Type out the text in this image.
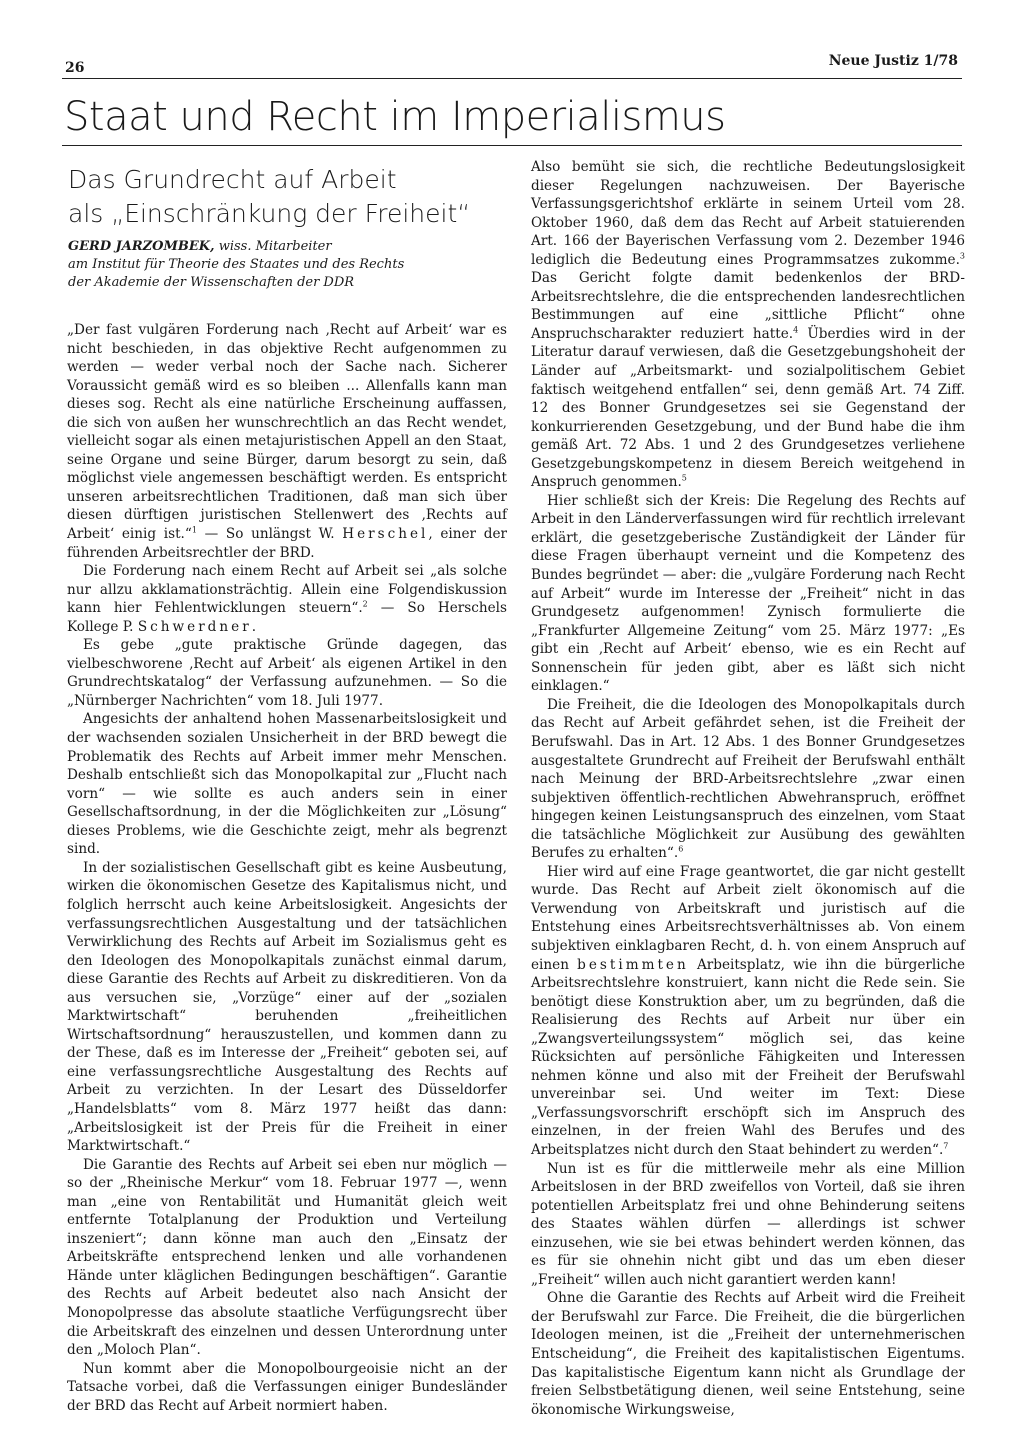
26	Neue Justiz 1/78
Staat und Recht im Imperialismus
Das Grundrecht auf Arbeit
als „Einschränkung der Freiheit“
GERD JARZOMBEK, wiss. Mitarbeiter
am Institut für Theorie des Staates und des Rechts
der Akademie der Wissenschaften der DDR

„Der fast vulgären Forderung nach ‚Recht auf Arbeit‘ war es nicht beschieden, in das objektive Recht aufgenommen zu werden — weder verbal noch der Sache nach. Sicherer Voraussicht gemäß wird es so bleiben ... Allenfalls kann man dieses sog. Recht als eine natürliche Erscheinung auffassen, die sich von außen her wunschrechtlich an das Recht wendet, vielleicht sogar als einen metajuristischen Appell an den Staat, seine Organe und seine Bürger, darum besorgt zu sein, daß möglichst viele angemessen beschäftigt werden. Es entspricht unseren arbeitsrechtlichen Traditionen, daß man sich über diesen dürftigen juristischen Stellenwert des ‚Rechts auf Arbeit‘ einig ist.“$^1$ — So unlängst W. Herschel, einer der führenden Arbeitsrechtler der BRD.

Die Forderung nach einem Recht auf Arbeit sei „als solche nur allzu akklamationsträchtig. Allein eine Folgendiskussion kann hier Fehlentwicklungen steuern“.$^2$ — So Herschels Kollege P. Schwerdner.

Es gebe „gute praktische Gründe dagegen, das vielbeschworene ‚Recht auf Arbeit‘ als eigenen Artikel in den Grundrechtskatalog“ der Verfassung aufzunehmen. — So die „Nürnberger Nachrichten“ vom 18. Juli 1977.

Angesichts der anhaltend hohen Massenarbeitslosigkeit und der wachsenden sozialen Unsicherheit in der BRD bewegt die Problematik des Rechts auf Arbeit immer mehr Menschen. Deshalb entschließt sich das Monopolkapital zur „Flucht nach vorn“ — wie sollte es auch anders sein in einer Gesellschaftsordnung, in der die Möglichkeiten zur „Lösung“ dieses Problems, wie die Geschichte zeigt, mehr als begrenzt sind.

In der sozialistischen Gesellschaft gibt es keine Ausbeutung, wirken die ökonomischen Gesetze des Kapitalismus nicht, und folglich herrscht auch keine Arbeitslosigkeit. Angesichts der verfassungsrechtlichen Ausgestaltung und der tatsächlichen Verwirklichung des Rechts auf Arbeit im Sozialismus geht es den Ideologen des Monopolkapitals zunächst einmal darum, diese Garantie des Rechts auf Arbeit zu diskreditieren. Von da aus versuchen sie, „Vorzüge“ einer auf der „sozialen Marktwirtschaft“ beruhenden „freiheitlichen Wirtschaftsordnung“ herauszustellen, und kommen dann zu der These, daß es im Interesse der „Freiheit“ geboten sei, auf eine verfassungsrechtliche Ausgestaltung des Rechts auf Arbeit zu verzichten. In der Lesart des Düsseldorfer „Handelsblatts“ vom 8. März 1977 heißt das dann: „Arbeitslosigkeit ist der Preis für die Freiheit in einer Marktwirtschaft.“

Die Garantie des Rechts auf Arbeit sei eben nur möglich — so der „Rheinische Merkur“ vom 18. Februar 1977 —, wenn man „eine von Rentabilität und Humanität gleich weit entfernte Totalplanung der Produktion und Verteilung inszeniert“; dann könne man auch den „Einsatz der Arbeitskräfte entsprechend lenken und alle vorhandenen Hände unter kläglichen Bedingungen beschäftigen“. Garantie des Rechts auf Arbeit bedeutet also nach Ansicht der Monopolpresse das absolute staatliche Verfügungsrecht über die Arbeitskraft des einzelnen und dessen Unterordnung unter den „Moloch Plan“.

Nun kommt aber die Monopolbourgeoisie nicht an der Tatsache vorbei, daß die Verfassungen einiger Bundesländer der BRD das Recht auf Arbeit normiert haben.

Also bemüht sie sich, die rechtliche Bedeutungslosigkeit dieser Regelungen nachzuweisen. Der Bayerische Verfassungsgerichtshof erklärte in seinem Urteil vom 28. Oktober 1960, daß dem das Recht auf Arbeit statuierenden Art. 166 der Bayerischen Verfassung vom 2. Dezember 1946 lediglich die Bedeutung eines Programmsatzes zukomme.$^3$ Das Gericht folgte damit bedenkenlos der BRD-Arbeitsrechtslehre, die die entsprechenden landesrechtlichen Bestimmungen auf eine „sittliche Pflicht“ ohne Anspruchscharakter reduziert hatte.$^4$ Überdies wird in der Literatur darauf verwiesen, daß die Gesetzgebungshoheit der Länder auf „Arbeitsmarkt- und sozialpolitischem Gebiet faktisch weitgehend entfallen“ sei, denn gemäß Art. 74 Ziff. 12 des Bonner Grundgesetzes sei sie Gegenstand der konkurrierenden Gesetzgebung, und der Bund habe die ihm gemäß Art. 72 Abs. 1 und 2 des Grundgesetzes verliehene Gesetzgebungskompetenz in diesem Bereich weitgehend in Anspruch genommen.$^5$

Hier schließt sich der Kreis: Die Regelung des Rechts auf Arbeit in den Länderverfassungen wird für rechtlich irrelevant erklärt, die gesetzgeberische Zuständigkeit der Länder für diese Fragen überhaupt verneint und die Kompetenz des Bundes begründet — aber: die „vulgäre Forderung nach Recht auf Arbeit“ wurde im Interesse der „Freiheit“ nicht in das Grundgesetz aufgenommen! Zynisch formulierte die „Frankfurter Allgemeine Zeitung“ vom 25. März 1977: „Es gibt ein ‚Recht auf Arbeit‘ ebenso, wie es ein Recht auf Sonnenschein für jeden gibt, aber es läßt sich nicht einklagen.“

Die Freiheit, die die Ideologen des Monopolkapitals durch das Recht auf Arbeit gefährdet sehen, ist die Freiheit der Berufswahl. Das in Art. 12 Abs. 1 des Bonner Grundgesetzes ausgestaltete Grundrecht auf Freiheit der Berufswahl enthält nach Meinung der BRD-Arbeitsrechtslehre „zwar einen subjektiven öffentlich-rechtlichen Abwehranspruch, eröffnet hingegen keinen Leistungsanspruch des einzelnen, vom Staat die tatsächliche Möglichkeit zur Ausübung des gewählten Berufes zu erhalten“.$^6$

Hier wird auf eine Frage geantwortet, die gar nicht gestellt wurde. Das Recht auf Arbeit zielt ökonomisch auf die Verwendung von Arbeitskraft und juristisch auf die Entstehung eines Arbeitsrechtsverhältnisses ab. Von einem subjektiven einklagbaren Recht, d. h. von einem Anspruch auf einen bestimmten Arbeitsplatz, wie ihn die bürgerliche Arbeitsrechtslehre konstruiert, kann nicht die Rede sein. Sie benötigt diese Konstruktion aber, um zu begründen, daß die Realisierung des Rechts auf Arbeit nur über ein „Zwangsverteilungssystem“ möglich sei, das keine Rücksichten auf persönliche Fähigkeiten und Interessen nehmen könne und also mit der Freiheit der Berufswahl unvereinbar sei. Und weiter im Text: Diese „Verfassungsvorschrift erschöpft sich im Anspruch des einzelnen, in der freien Wahl des Berufes und des Arbeitsplatzes nicht durch den Staat behindert zu werden“.$^7$

Nun ist es für die mittlerweile mehr als eine Million Arbeitslosen in der BRD zweifellos von Vorteil, daß sie ihren potentiellen Arbeitsplatz frei und ohne Behinderung seitens des Staates wählen dürfen — allerdings ist schwer einzusehen, wie sie bei etwas behindert werden können, das es für sie ohnehin nicht gibt und das um eben dieser „Freiheit“ willen auch nicht garantiert werden kann!

Ohne die Garantie des Rechts auf Arbeit wird die Freiheit der Berufswahl zur Farce. Die Freiheit, die die bürgerlichen Ideologen meinen, ist die „Freiheit der unternehmerischen Entscheidung“, die Freiheit des kapitalistischen Eigentums. Das kapitalistische Eigentum kann nicht als Grundlage der freien Selbstbetätigung dienen, weil seine Entstehung, seine ökonomische Wirkungsweise,
